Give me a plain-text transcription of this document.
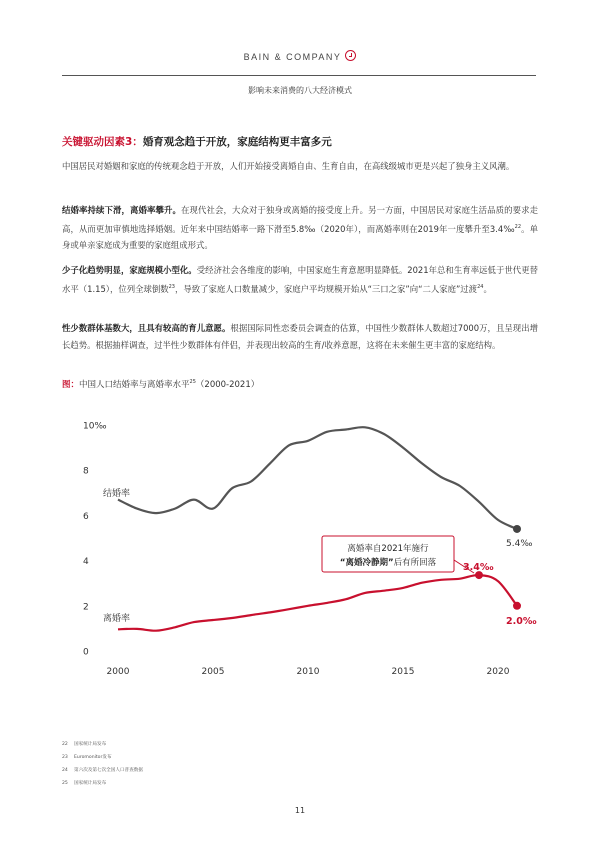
BAIN & COMPANY
影响未来消费的八大经济模式
关键驱动因素3：婚育观念趋于开放，家庭结构更丰富多元
中国居民对婚姻和家庭的传统观念趋于开放，人们开始接受离婚自由、生育自由，在高线级城市更是兴起了独身主义风潮。
结婚率持续下滑，离婚率攀升。在现代社会，大众对于独身或离婚的接受度上升。另一方面，中国居民对家庭生活品质的要求走高，从而更加审慎地选择婚姻。近年来中国结婚率一路下滑至5.8‰（2020年），而离婚率则在2019年一度攀升至3.4‰$^{22}$。单身或单亲家庭成为重要的家庭组成形式。
少子化趋势明显，家庭规模小型化。受经济社会各维度的影响，中国家庭生育意愿明显降低。2021年总和生育率远低于世代更替水平（1.15），位列全球倒数$^{23}$，导致了家庭人口数量减少，家庭户平均规模开始从“三口之家”向“二人家庭”过渡$^{24}$。
性少数群体基数大，且具有较高的育儿意愿。根据国际同性恋委员会调查的估算，中国性少数群体人数超过7000万，且呈现出增长趋势。根据抽样调查，过半性少数群体有伴侣，并表现出较高的生育/收养意愿，这将在未来催生更丰富的家庭结构。
图：中国人口结婚率与离婚率水平$^{25}$（2000-2021）
0
2
4
6
8
10‰
2000	2005	2010	2015	2020
结婚率
离婚率
5.4‰
3.4‰
2.0‰
离婚率自2021年施行
“离婚冷静期”后有所回落
22 国家统计局发布
23 Euromonitor发布
24 第六次及第七次全国人口普查数据
25 国家统计局发布
11
